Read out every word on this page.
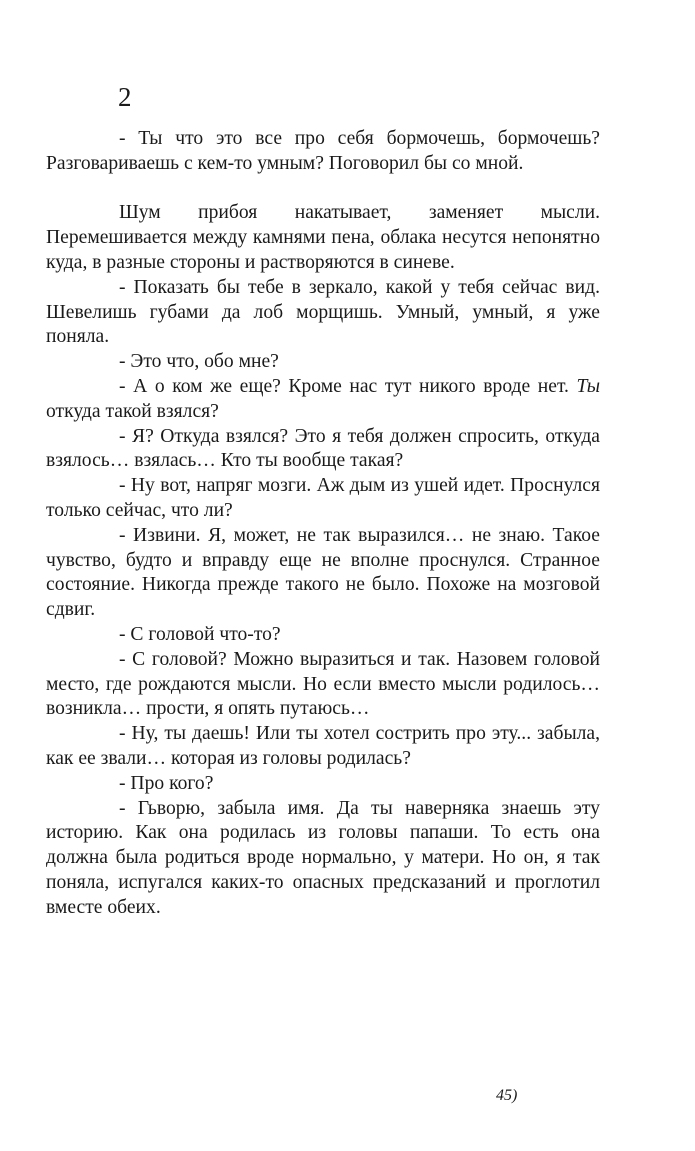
2

- Ты что это все про себя бормочешь, бормочешь? Разговариваешь с кем-то умным? Поговорил бы со мной.

Шум прибоя накатывает, заменяет мысли. Перемешивается между камнями пена, облака несутся непонятно куда, в разные стороны и растворяются в синеве.

- Показать бы тебе в зеркало, какой у тебя сейчас вид. Шевелишь губами да лоб морщишь. Умный, умный, я уже поняла.

- Это что, обо мне?

- А о ком же еще? Кроме нас тут никого вроде нет. Ты откуда такой взялся?

- Я? Откуда взялся? Это я тебя должен спросить, откуда взялось… взялась… Кто ты вообще такая?

- Ну вот, напряг мозги. Аж дым из ушей идет. Проснулся только сейчас, что ли?

- Извини. Я, может, не так выразился… не знаю. Такое чувство, будто и вправду еще не вполне проснулся. Странное состояние. Никогда прежде такого не было. Похоже на мозговой сдвиг.

- С головой что-то?

- С головой? Можно выразиться и так. Назовем головой место, где рождаются мысли. Но если вместо мысли родилось… возникла… прости, я опять путаюсь…

- Ну, ты даешь! Или ты хотел сострить про эту... забыла, как ее звали… которая из головы родилась?

- Про кого?

- Гьворю, забыла имя. Да ты наверняка знаешь эту историю. Как она родилась из головы папаши. То есть она должна была родиться вроде нормально, у матери. Но он, я так поняла, испугался каких-то опасных предсказаний и проглотил вместе обеих.

45)
